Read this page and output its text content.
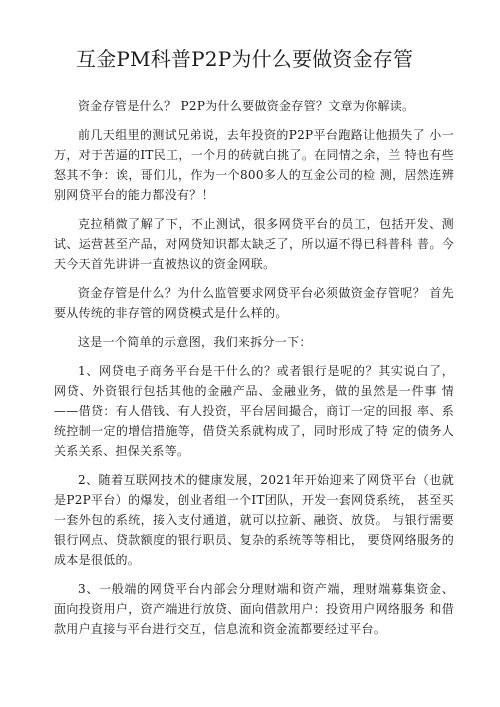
互金PM科普P2P为什么要做资金存管

资金存管是什么？ P2P为什么要做资金存管？文章为你解读。

前几天组里的测试兄弟说，去年投资的P2P平台跑路让他损失了 小一万，对于苦逼的IT民工，一个月的砖就白挑了。在同情之余，兰 特也有些怒其不争：诶，哥们儿，作为一个800多人的互金公司的检 测，居然连辨别网贷平台的能力都没有？！

克拉稍微了解了下，不止测试，很多网贷平台的员工，包括开发、测试、运营甚至产品，对网贷知识都太缺乏了，所以逼不得已科普科 普。今天今天首先讲讲一直被热议的资金网联。

资金存管是什么？为什么监管要求网贷平台必须做资金存管呢？ 首先要从传统的非存管的网贷模式是什么样的。

这是一个简单的示意图，我们来拆分一下：

1、网贷电子商务平台是干什么的？或者银行是呢的？其实说白了，网贷、外资银行包括其他的金融产品、金融业务，做的虽然是一件事 情——借贷：有人借钱、有人投资，平台居间撮合，商订一定的回报 率、系统控制一定的增信措施等，借贷关系就构成了，同时形成了特 定的债务人关系关系、担保关系等。

2、随着互联网技术的健康发展，2021年开始迎来了网贷平台（也就是P2P平台）的爆发，创业者组一个IT团队，开发一套网贷系统， 甚至买一套外包的系统，接入支付通道，就可以拉新、融资、放贷。 与银行需要银行网点、贷款额度的银行职员、复杂的系统等等相比， 要贷网络服务的成本是很低的。

3、一般端的网贷平台内部会分理财端和资产端，理财端募集资金、面向投资用户，资产端进行放贷、面向借款用户：投资用户网络服务 和借款用户直接与平台进行交互，信息流和资金流都要经过平台。
